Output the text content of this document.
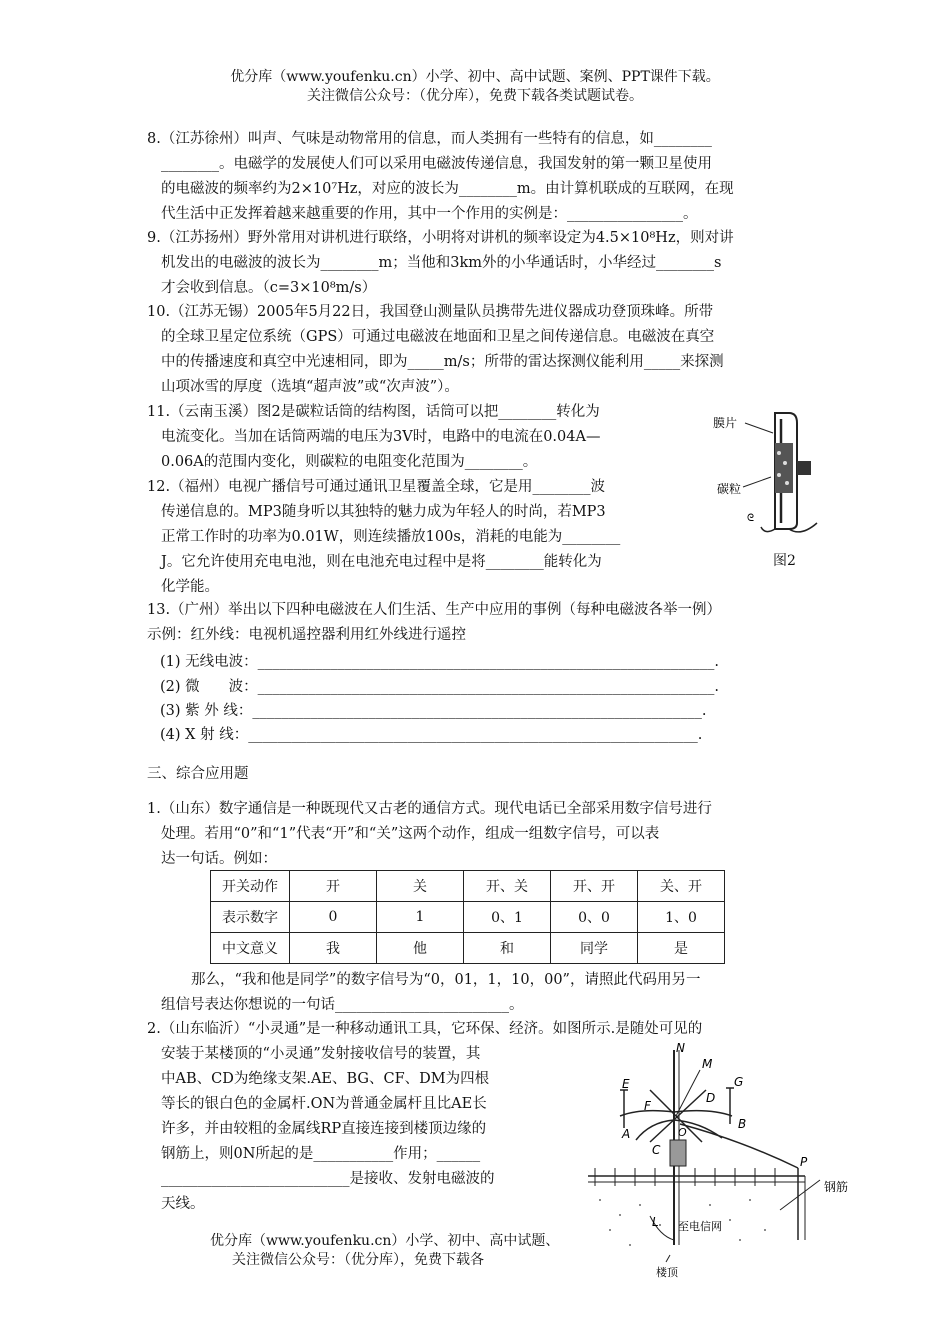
优分库（www.youfenku.cn）小学、初中、高中试题、案例、PPT课件下载。
关注微信公众号：（优分库），免费下载各类试题试卷。
8.（江苏徐州）叫声、气味是动物常用的信息，而人类拥有一些特有的信息，如________
________。电磁学的发展使人们可以采用电磁波传递信息，我国发射的第一颗卫星使用
的电磁波的频率约为2×10⁷Hz，对应的波长为________m。由计算机联成的互联网，在现
代生活中正发挥着越来越重要的作用，其中一个作用的实例是：________________。
9.（江苏扬州）野外常用对讲机进行联络，小明将对讲机的频率设定为4.5×10⁸Hz，则对讲
机发出的电磁波的波长为________m；当他和3km外的小华通话时，小华经过________s
才会收到信息。（c=3×10⁸m/s）
10.（江苏无锡）2005年5月22日，我国登山测量队员携带先进仪器成功登顶珠峰。所带
的全球卫星定位系统（GPS）可通过电磁波在地面和卫星之间传递信息。电磁波在真空
中的传播速度和真空中光速相同，即为_____m/s；所带的雷达探测仪能利用_____来探测
山项冰雪的厚度（选填“超声波”或“次声波”）。
11.（云南玉溪）图2是碳粒话筒的结构图，话筒可以把________转化为
电流变化。当加在话筒两端的电压为3V时，电路中的电流在0.04A—
0.06A的范围内变化，则碳粒的电阻变化范围为________。
12.（福州）电视广播信号可通过通讯卫星覆盖全球，它是用________波
传递信息的。MP3随身听以其独特的魅力成为年轻人的时尚，若MP3
正常工作时的功率为0.01W，则连续播放100s，消耗的电能为________
J。它允许使用充电电池，则在电池充电过程中是将________能转化为
化学能。
膜片
碳粒
ᘓ
图2
13.（广州）举出以下四种电磁波在人们生活、生产中应用的事例（每种电磁波各举一例）
示例：红外线：电视机遥控器利用红外线进行遥控
(1) 无线电波：_______________________________________________________________.
(2) 微　　波：_______________________________________________________________.
(3) 紫 外 线：______________________________________________________________.
(4) X 射 线：______________________________________________________________.
三、综合应用题
1.（山东）数字通信是一种既现代又古老的通信方式。现代电话已全部采用数字信号进行
处理。若用“0”和“1”代表“开”和“关”这两个动作，组成一组数字信号，可以表
达一句话。例如：
开关动作	开	关	开、关	开、开	关、开
表示数字	0	1	0、1	0、0	1、0
中文意义	我	他	和	同学	是
那么，“我和他是同学”的数字信号为“0，01，1，10，00”，请照此代码用另一
组信号表达你想说的一句话________________________。
2.（山东临沂）“小灵通”是一种移动通讯工具，它环保、经济。如图所示.是随处可见的
安装于某楼顶的“小灵通”发射接收信号的装置，其
中AB、CD为绝缘支架.AE、BG、CF、DM为四根
等长的银白色的金属杆.ON为普通金属杆且比AE长
许多，并由较粗的金属线RP直接连接到楼顶边缘的
钢筋上，则0N所起的是___________作用；______
__________________________是接收、发射电磁波的
天线。
N
M
E	G
F
D
A
B
C
O
P
L
钢筋
至电信网
楼顶
优分库（www.youfenku.cn）小学、初中、高中试题、
关注微信公众号：（优分库），免费下载各
